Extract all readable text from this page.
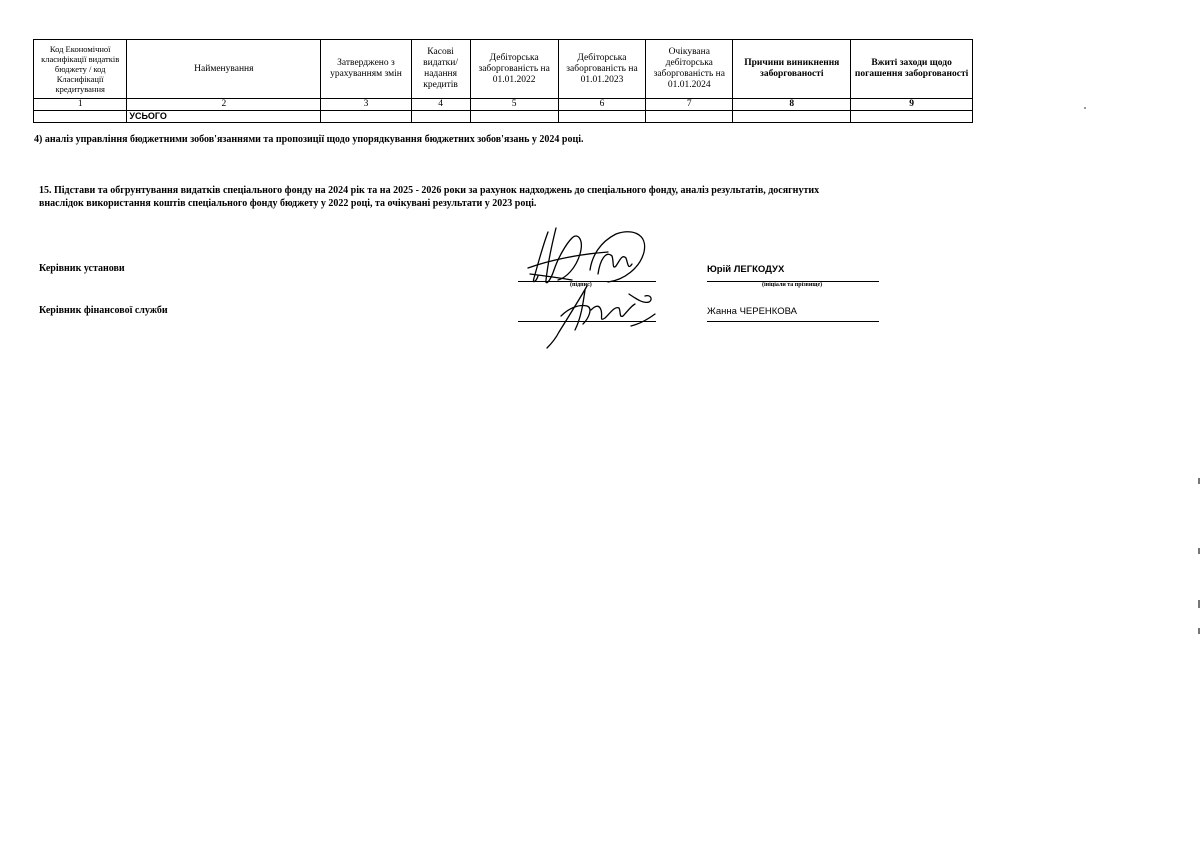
Код Економічної класифікації видатків бюджету / код Класифікації кредитування	Найменування	Затверджено з урахуванням змін	Касові видатки/ надання кредитів	Дебіторська заборгованість на 01.01.2022	Дебіторська заборгованість на 01.01.2023	Очікувана дебіторська заборгованість на 01.01.2024	Причини виникнення заборгованості	Вжиті заходи щодо погашення заборгованості
1	2	3	4	5	6	7	8	9
	УСЬОГО							
4) аналіз управління бюджетними зобов'язаннями та пропозиції щодо упорядкування бюджетних зобов'язань у 2024 році.
15. Підстави та обгрунтування видатків спеціального фонду на 2024 рік та на 2025 - 2026 роки за рахунок надходжень до спеціального фонду, аналіз результатів, досягнутих
внаслідок використання коштів спеціального фонду бюджету у 2022 році, та очікувані результати у 2023 році.
Керівник установи
Керівник фінансової служби
(підпис)	(ініціали та прізвище)
Юрій ЛЕГКОДУХ
Жанна ЧЕРЕНКОВА
